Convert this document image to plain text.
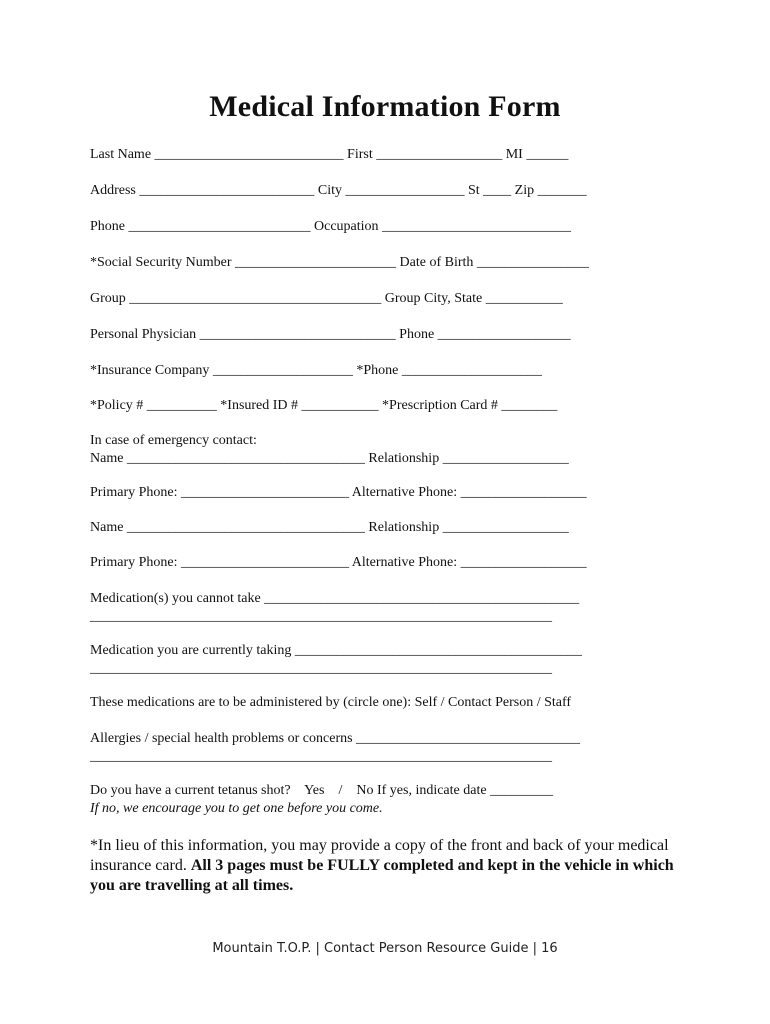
Medical Information Form
Last Name ___________________________ First __________________ MI ______
Address _________________________ City _________________ St ____ Zip _______
Phone __________________________ Occupation ___________________________
*Social Security Number _______________________ Date of Birth ________________
Group ____________________________________ Group City, State ___________
Personal Physician ____________________________ Phone ___________________
*Insurance Company ____________________ *Phone ____________________
*Policy # __________ *Insured ID # ___________ *Prescription Card # ________
In case of emergency contact:
Name __________________________________ Relationship __________________
Primary Phone: ________________________ Alternative Phone: __________________
Name __________________________________ Relationship __________________
Primary Phone: ________________________ Alternative Phone: __________________
Medication(s) you cannot take _____________________________________________
__________________________________________________________________
Medication you are currently taking _________________________________________
__________________________________________________________________
These medications are to be administered by (circle one): Self / Contact Person / Staff
Allergies / special health problems or concerns ________________________________
__________________________________________________________________
Do you have a current tetanus shot?    Yes    /    No If yes, indicate date _________
If no, we encourage you to get one before you come.
*In lieu of this information, you may provide a copy of the front and back of your medical insurance card. All 3 pages must be FULLY completed and kept in the vehicle in which you are travelling at all times.
Mountain T.O.P. | Contact Person Resource Guide | 16
